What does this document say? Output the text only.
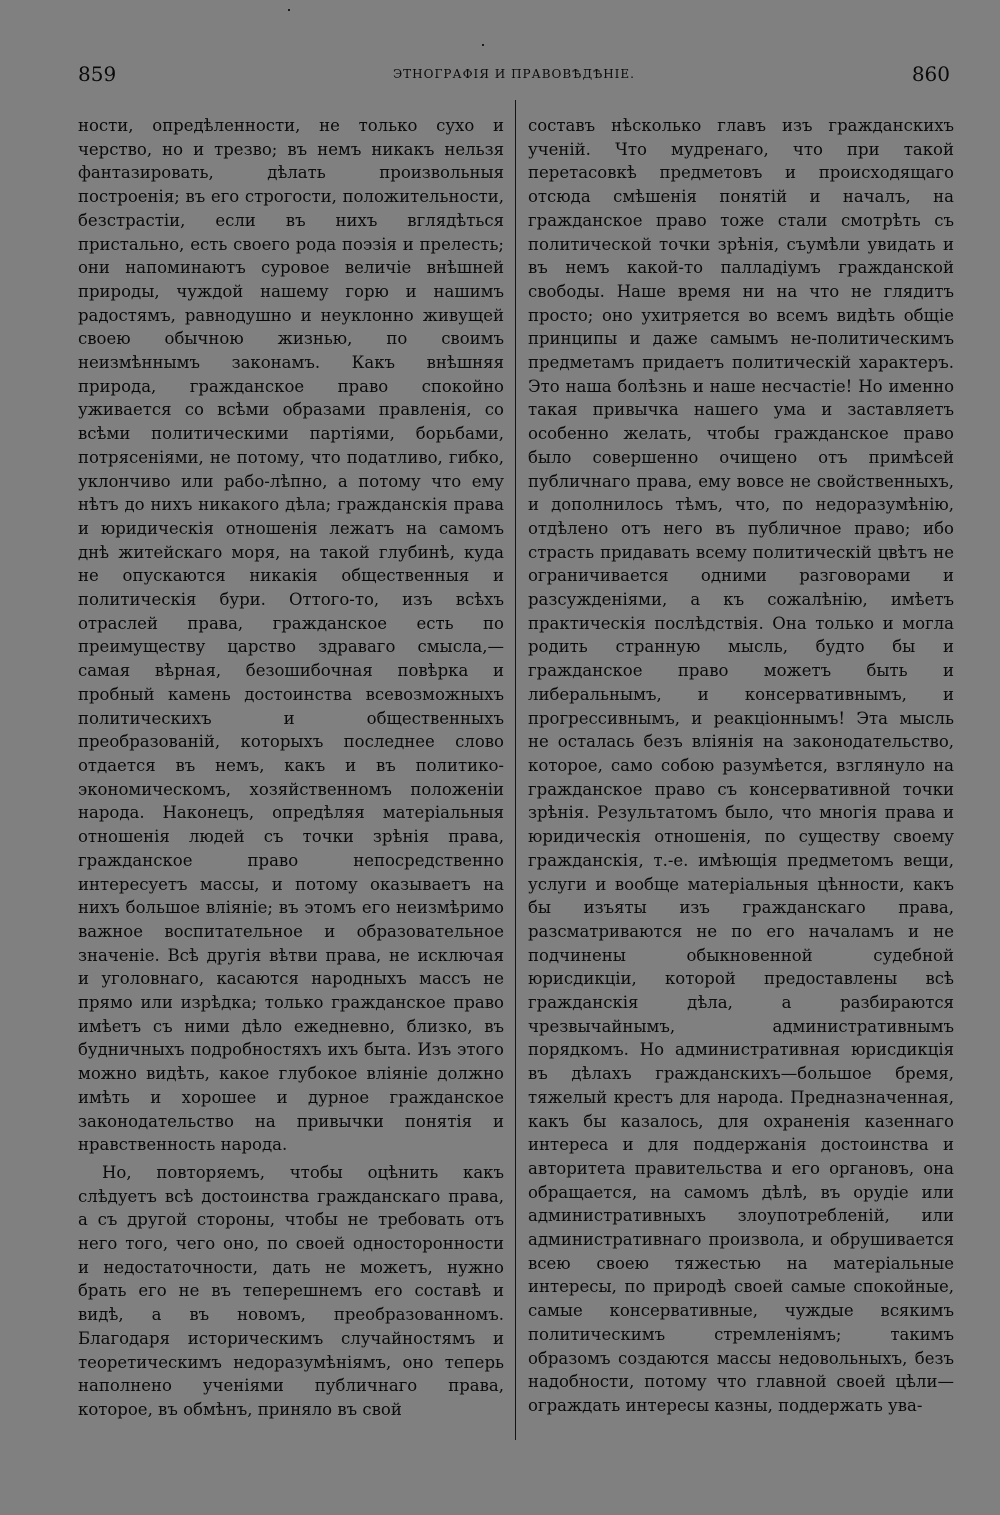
859	ЭТНОГРАФІЯ И ПРАВОВѢДѢНІЕ.	860

ности, опредѣленности, не только сухо и черство, но и трезво; въ немъ никакъ нельзя фантазировать, дѣлать произвольныя построенія; въ его строгости, положительности, безстрастіи, если въ нихъ вглядѣться пристально, есть своего рода поэзія и прелесть; они напоминаютъ суровое величіе внѣшней природы, чуждой нашему горю и нашимъ радостямъ, равнодушно и неуклонно живущей своею обычною жизнью, по своимъ неизмѣннымъ законамъ. Какъ внѣшняя природа, гражданское право спокойно уживается со всѣми образами правленія, со всѣми политическими партіями, борьбами, потрясеніями, не потому, что податливо, гибко, уклончиво или рабо-лѣпно, а потому что ему нѣтъ до нихъ никакого дѣла; гражданскія права и юридическія отношенія лежатъ на самомъ днѣ житейскаго моря, на такой глубинѣ, куда не опускаются никакія общественныя и политическія бури. Оттого-то, изъ всѣхъ отраслей права, гражданское есть по преимуществу царство здраваго смысла,—самая вѣрная, безошибочная повѣрка и пробный камень достоинства всевозможныхъ политическихъ и общественныхъ преобразованій, которыхъ последнее слово отдается въ немъ, какъ и въ политико-экономическомъ, хозяйственномъ положеніи народа. Наконецъ, опредѣляя матеріальныя отношенія людей съ точки зрѣнія права, гражданское право непосредственно интересуетъ массы, и потому оказываетъ на нихъ большое вліяніе; въ этомъ его неизмѣримо важное воспитательное и образовательное значеніе. Всѣ другія вѣтви права, не исключая и уголовнаго, касаются народныхъ массъ не прямо или изрѣдка; только гражданское право имѣетъ съ ними дѣло ежедневно, близко, въ будничныхъ подробностяхъ ихъ быта. Изъ этого можно видѣть, какое глубокое вліяніе должно имѣть и хорошее и дурное гражданское законодательство на привычки понятія и нравственность народа.

Но, повторяемъ, чтобы оцѣнить какъ слѣдуетъ всѣ достоинства гражданскаго права, а съ другой стороны, чтобы не требовать отъ него того, чего оно, по своей односторонности и недостаточности, дать не можетъ, нужно брать его не въ теперешнемъ его составѣ и видѣ, а въ новомъ, преобразованномъ. Благодаря историческимъ случайностямъ и теоретическимъ недоразумѣніямъ, оно теперь наполнено ученіями публичнаго права, которое, въ обмѣнъ, приняло въ свой

составъ нѣсколько главъ изъ гражданскихъ ученій. Что мудренаго, что при такой перетасовкѣ предметовъ и происходящаго отсюда смѣшенія понятій и началъ, на гражданское право тоже стали смотрѣть съ политической точки зрѣнія, съумѣли увидать и въ немъ какой-то палладіумъ гражданской свободы. Наше время ни на что не глядитъ просто; оно ухитряется во всемъ видѣть общіе принципы и даже самымъ не-политическимъ предметамъ придаетъ политическій характеръ. Это наша болѣзнь и наше несчастіе! Но именно такая привычка нашего ума и заставляетъ особенно желать, чтобы гражданское право было совершенно очищено отъ примѣсей публичнаго права, ему вовсе не свойственныхъ, и дополнилось тѣмъ, что, по недоразумѣнію, отдѣлено отъ него въ публичное право; ибо страсть придавать всему политическій цвѣтъ не ограничивается одними разговорами и разсужденіями, а къ сожалѣнію, имѣетъ практическія послѣдствія. Она только и могла родить странную мысль, будто бы и гражданское право можетъ быть и либеральнымъ, и консервативнымъ, и прогрессивнымъ, и реакціоннымъ! Эта мысль не осталась безъ вліянія на законодательство, которое, само собою разумѣется, взглянуло на гражданское право съ консервативной точки зрѣнія. Результатомъ было, что многія права и юридическія отношенія, по существу своему гражданскія, т.-е. имѣющія предметомъ вещи, услуги и вообще матеріальныя цѣнности, какъ бы изъяты изъ гражданскаго права, разсматриваются не по его началамъ и не подчинены обыкновенной судебной юрисдикціи, которой предоставлены всѣ гражданскія дѣла, а разбираются чрезвычайнымъ, административнымъ порядкомъ. Но административная юрисдикція въ дѣлахъ гражданскихъ—большое бремя, тяжелый крестъ для народа. Предназначенная, какъ бы казалось, для охраненія казеннаго интереса и для поддержанія достоинства и авторитета правительства и его органовъ, она обращается, на самомъ дѣлѣ, въ орудіе или административныхъ злоупотребленій, или административнаго произвола, и обрушивается всею своею тяжестью на матеріальные интересы, по природѣ своей самые спокойные, самые консервативные, чуждые всякимъ политическимъ стремленіямъ; такимъ образомъ создаются массы недовольныхъ, безъ надобности, потому что главной своей цѣли—ограждать интересы казны, поддержать ува-
